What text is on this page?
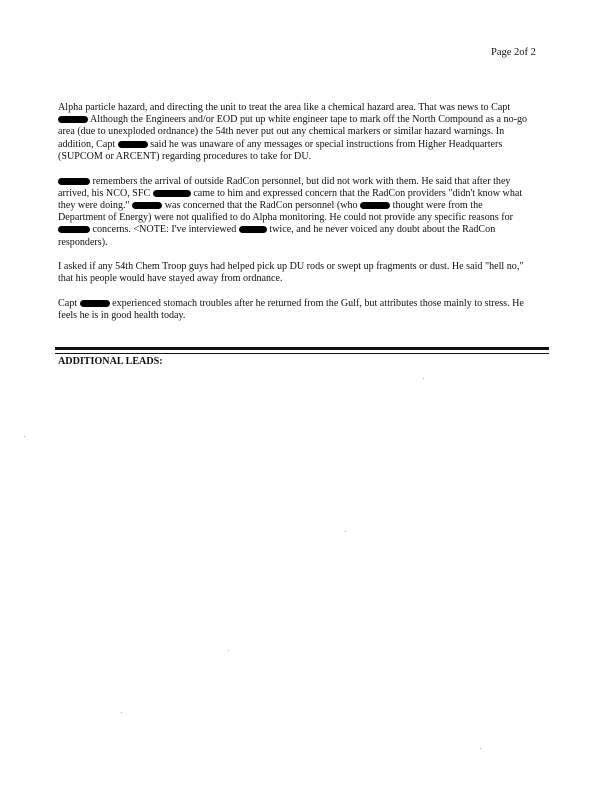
Page 2of 2

Alpha particle hazard, and directing the unit to treat the area like a chemical hazard area. That was news to Capt  Although the Engineers and/or EOD put up white engineer tape to mark off the North Compound as a no-go area (due to unexploded ordnance) the 54th never put out any chemical markers or similar hazard warnings. In addition, Capt	said he was unaware of any messages or special instructions from Higher Headquarters (SUPCOM or ARCENT) regarding procedures to take for DU.

remembers the arrival of outside RadCon personnel, but did not work with them. He said that after they arrived, his NCO, SFC	came to him and expressed concern that the RadCon providers "didn't know what they were doing."	was concerned that the RadCon personnel (who	thought were from the Department of Energy) were not qualified to do Alpha monitoring. He could not provide any specific reasons for  concerns. <NOTE: I've interviewed	twice, and he never voiced any doubt about the RadCon responders).

I asked if any 54th Chem Troop guys had helped pick up DU rods or swept up fragments or dust. He said "hell no," that his people would have stayed away from ordnance.

Capt	experienced stomach troubles after he returned from the Gulf, but attributes those mainly to stress. He feels he is in good health today.

ADDITIONAL LEADS:
